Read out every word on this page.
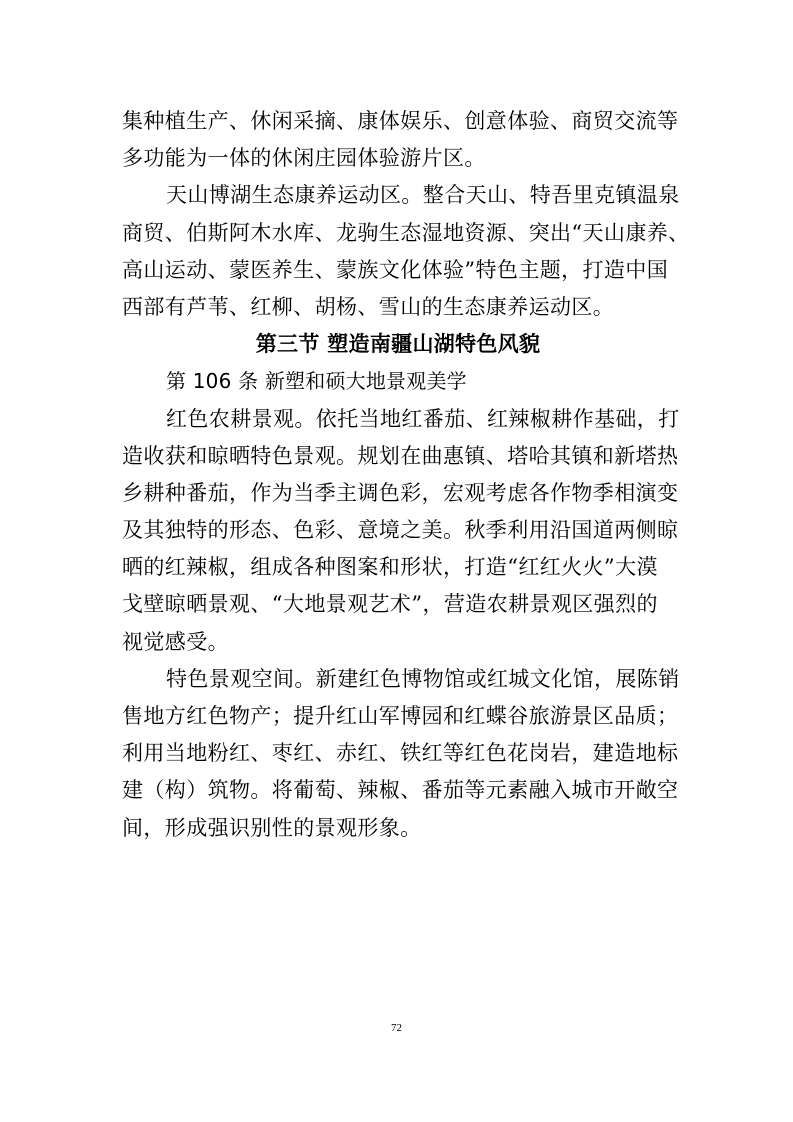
集种植生产、休闲采摘、康体娱乐、创意体验、商贸交流等
多功能为一体的休闲庄园体验游片区。
天山博湖生态康养运动区。整合天山、特吾里克镇温泉
商贸、伯斯阿木水库、龙驹生态湿地资源、突出“天山康养、
高山运动、蒙医养生、蒙族文化体验”特色主题，打造中国
西部有芦苇、红柳、胡杨、雪山的生态康养运动区。
第三节 塑造南疆山湖特色风貌
第 106 条 新塑和硕大地景观美学
红色农耕景观。依托当地红番茄、红辣椒耕作基础，打
造收获和晾晒特色景观。规划在曲惠镇、塔哈其镇和新塔热
乡耕种番茄，作为当季主调色彩，宏观考虑各作物季相演变
及其独特的形态、色彩、意境之美。秋季利用沿国道两侧晾
晒的红辣椒，组成各种图案和形状，打造“红红火火”大漠
戈壁晾晒景观、“大地景观艺术”，营造农耕景观区强烈的
视觉感受。
特色景观空间。新建红色博物馆或红城文化馆，展陈销
售地方红色物产；提升红山军博园和红蝶谷旅游景区品质；
利用当地粉红、枣红、赤红、铁红等红色花岗岩，建造地标
建（构）筑物。将葡萄、辣椒、番茄等元素融入城市开敞空
间，形成强识别性的景观形象。
72
